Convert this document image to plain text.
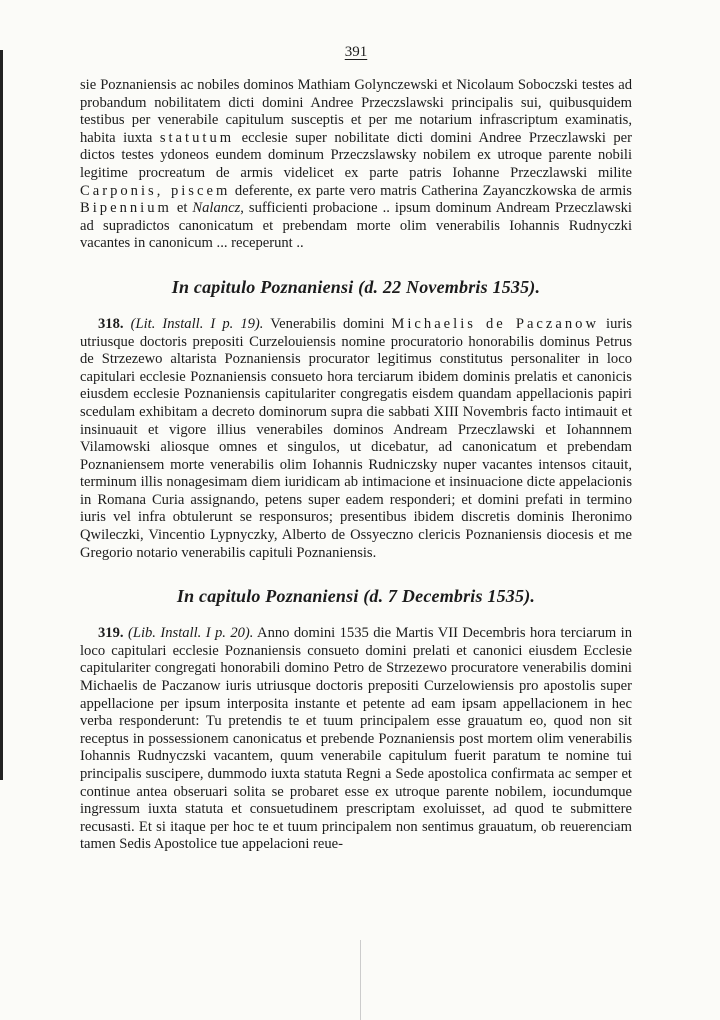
391

sie Poznaniensis ac nobiles dominos Mathiam Golynczewski et Nicolaum Soboczski testes ad probandum nobilitatem dicti domini Andree Przeczslawski principalis sui, quibusquidem testibus per venerabile capitulum susceptis et per me notarium infrascriptum examinatis, habita iuxta statutum ecclesie super nobilitate dicti domini Andree Przeczlawski per dictos testes ydoneos eundem dominum Przeczslawsky nobilem ex utroque parente nobili legitime procreatum de armis videlicet ex parte patris Iohanne Przeczlawski milite Carponis, piscem deferente, ex parte vero matris Catherina Zayanczkowska de armis Bipennium et Nalancz, sufficienti probacione .. ipsum dominum Andream Przeczlawski ad supradictos canonicatum et prebendam morte olim venerabilis Iohannis Rudnyczki vacantes in canonicum ... receperunt ..

In capitulo Poznaniensi (d. 22 Novembris 1535).

318. (Lit. Install. I p. 19). Venerabilis domini Michaelis de Paczanow iuris utriusque doctoris prepositi Curzelouiensis nomine procuratorio honorabilis dominus Petrus de Strzezewo altarista Poznaniensis procurator legitimus constitutus personaliter in loco capitulari ecclesie Poznaniensis consueto hora terciarum ibidem dominis prelatis et canonicis eiusdem ecclesie Poznaniensis capitulariter congregatis eisdem quandam appellacionis papiri scedulam exhibitam a decreto dominorum supra die sabbati XIII Novembris facto intimauit et insinuauit et vigore illius venerabiles dominos Andream Przeczlawski et Iohannnem Vilamowski aliosque omnes et singulos, ut dicebatur, ad canonicatum et prebendam Poznaniensem morte venerabilis olim Iohannis Rudniczsky nuper vacantes intensos citauit, terminum illis nonagesimam diem iuridicam ab intimacione et insinuacione dicte appelacionis in Romana Curia assignando, petens super eadem responderi; et domini prefati in termino iuris vel infra obtulerunt se responsuros; presentibus ibidem discretis dominis Iheronimo Qwileczki, Vincentio Lypnyczky, Alberto de Ossyeczno clericis Poznaniensis diocesis et me Gregorio notario venerabilis capituli Poznaniensis.

In capitulo Poznaniensi (d. 7 Decembris 1535).

319. (Lib. Install. I p. 20). Anno domini 1535 die Martis VII Decembris hora terciarum in loco capitulari ecclesie Poznaniensis consueto domini prelati et canonici eiusdem Ecclesie capitulariter congregati honorabili domino Petro de Strzezewo procuratore venerabilis domini Michaelis de Paczanow iuris utriusque doctoris prepositi Curzelowiensis pro apostolis super appellacione per ipsum interposita instante et petente ad eam ipsam appellacionem in hec verba responderunt: Tu pretendis te et tuum principalem esse grauatum eo, quod non sit receptus in possessionem canonicatus et prebende Poznaniensis post mortem olim venerabilis Iohannis Rudnyczski vacantem, quum venerabile capitulum fuerit paratum te nomine tui principalis suscipere, dummodo iuxta statuta Regni a Sede apostolica confirmata ac semper et continue antea obseruari solita se probaret esse ex utroque parente nobilem, iocundumque ingressum iuxta statuta et consuetudinem prescriptam exoluisset, ad quod te submittere recusasti. Et si itaque per hoc te et tuum principalem non sentimus grauatum, ob reuerenciam tamen Sedis Apostolice tue appelacioni reue-
